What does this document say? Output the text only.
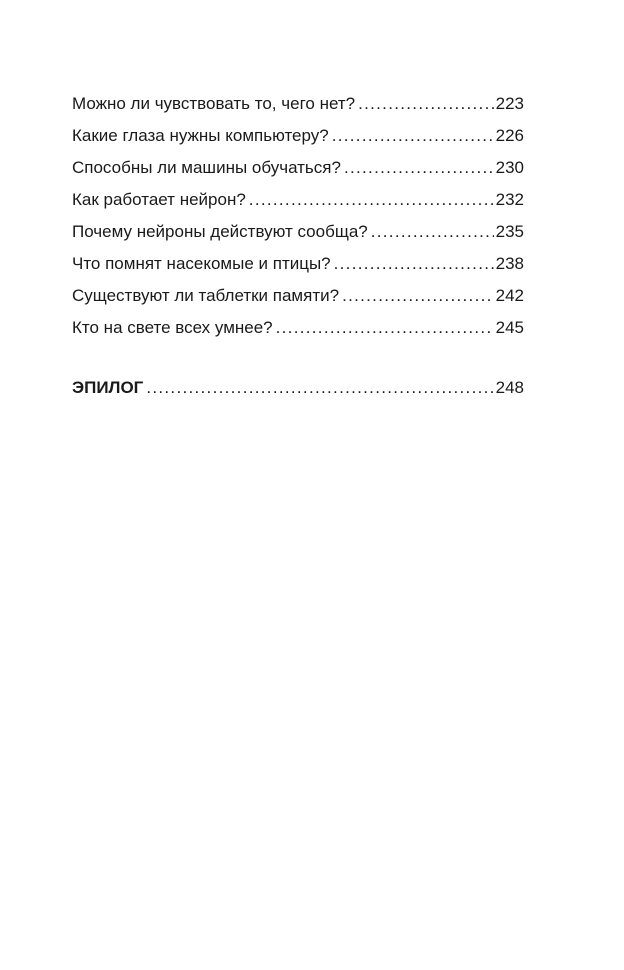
Можно ли чувствовать то, чего нет? .....	223
Какие глаза нужны компьютеру? .....	226
Способны ли машины обучаться? .....	230
Как работает нейрон? .....	232
Почему нейроны действуют сообща? .....	235
Что помнят насекомые и птицы? .....	238
Существуют ли таблетки памяти? .....	242
Кто на свете всех умнее? .....	245
ЭПИЛОГ .....	248
